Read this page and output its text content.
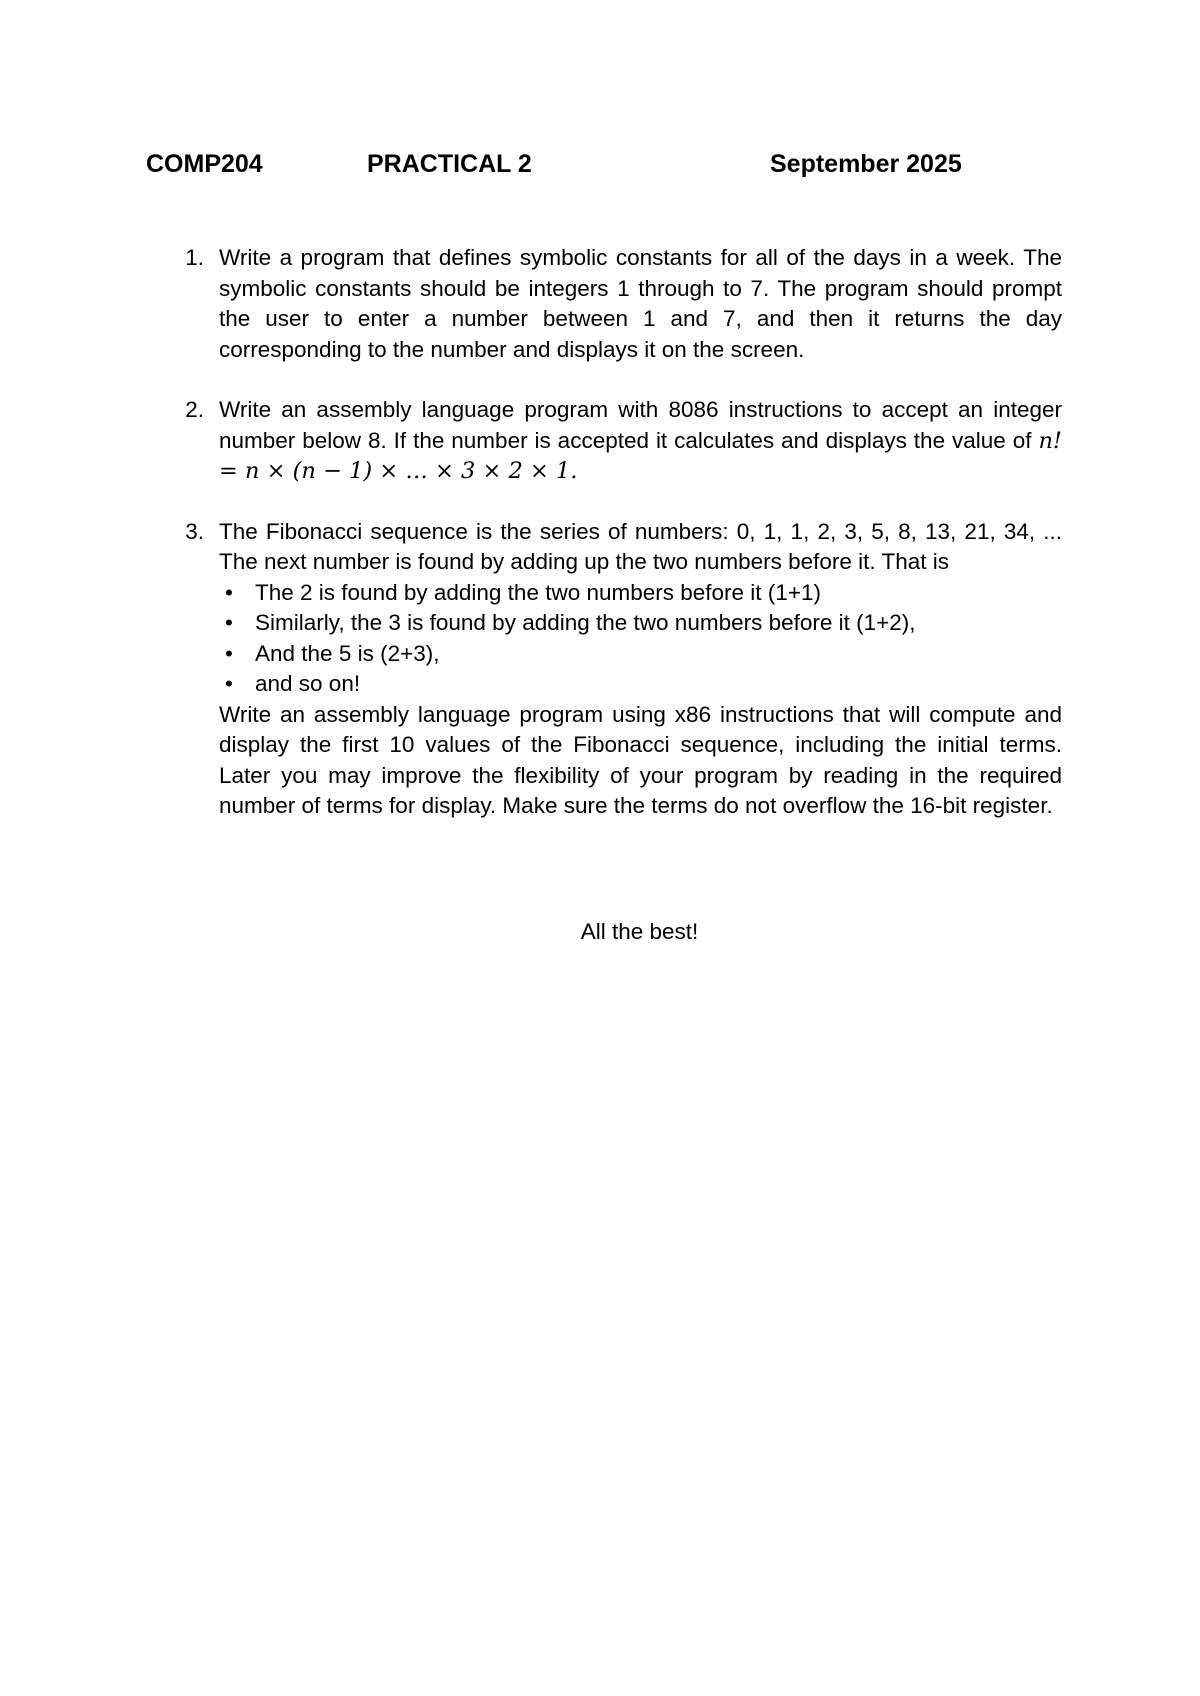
COMP204	PRACTICAL 2	September 2025
1. Write a program that defines symbolic constants for all of the days in a week. The symbolic constants should be integers 1 through to 7. The program should prompt the user to enter a number between 1 and 7, and then it returns the day corresponding to the number and displays it on the screen.

2. Write an assembly language program with 8086 instructions to accept an integer number below 8. If the number is accepted it calculates and displays the value of n! = n × (n − 1) × … × 3 × 2 × 1.

3. The Fibonacci sequence is the series of numbers: 0, 1, 1, 2, 3, 5, 8, 13, 21, 34, ... The next number is found by adding up the two numbers before it. That is

• The 2 is found by adding the two numbers before it (1+1)
• Similarly, the 3 is found by adding the two numbers before it (1+2),
• And the 5 is (2+3),
• and so on!

Write an assembly language program using x86 instructions that will compute and display the first 10 values of the Fibonacci sequence, including the initial terms. Later you may improve the flexibility of your program by reading in the required number of terms for display. Make sure the terms do not overflow the 16-bit register.

All the best!
